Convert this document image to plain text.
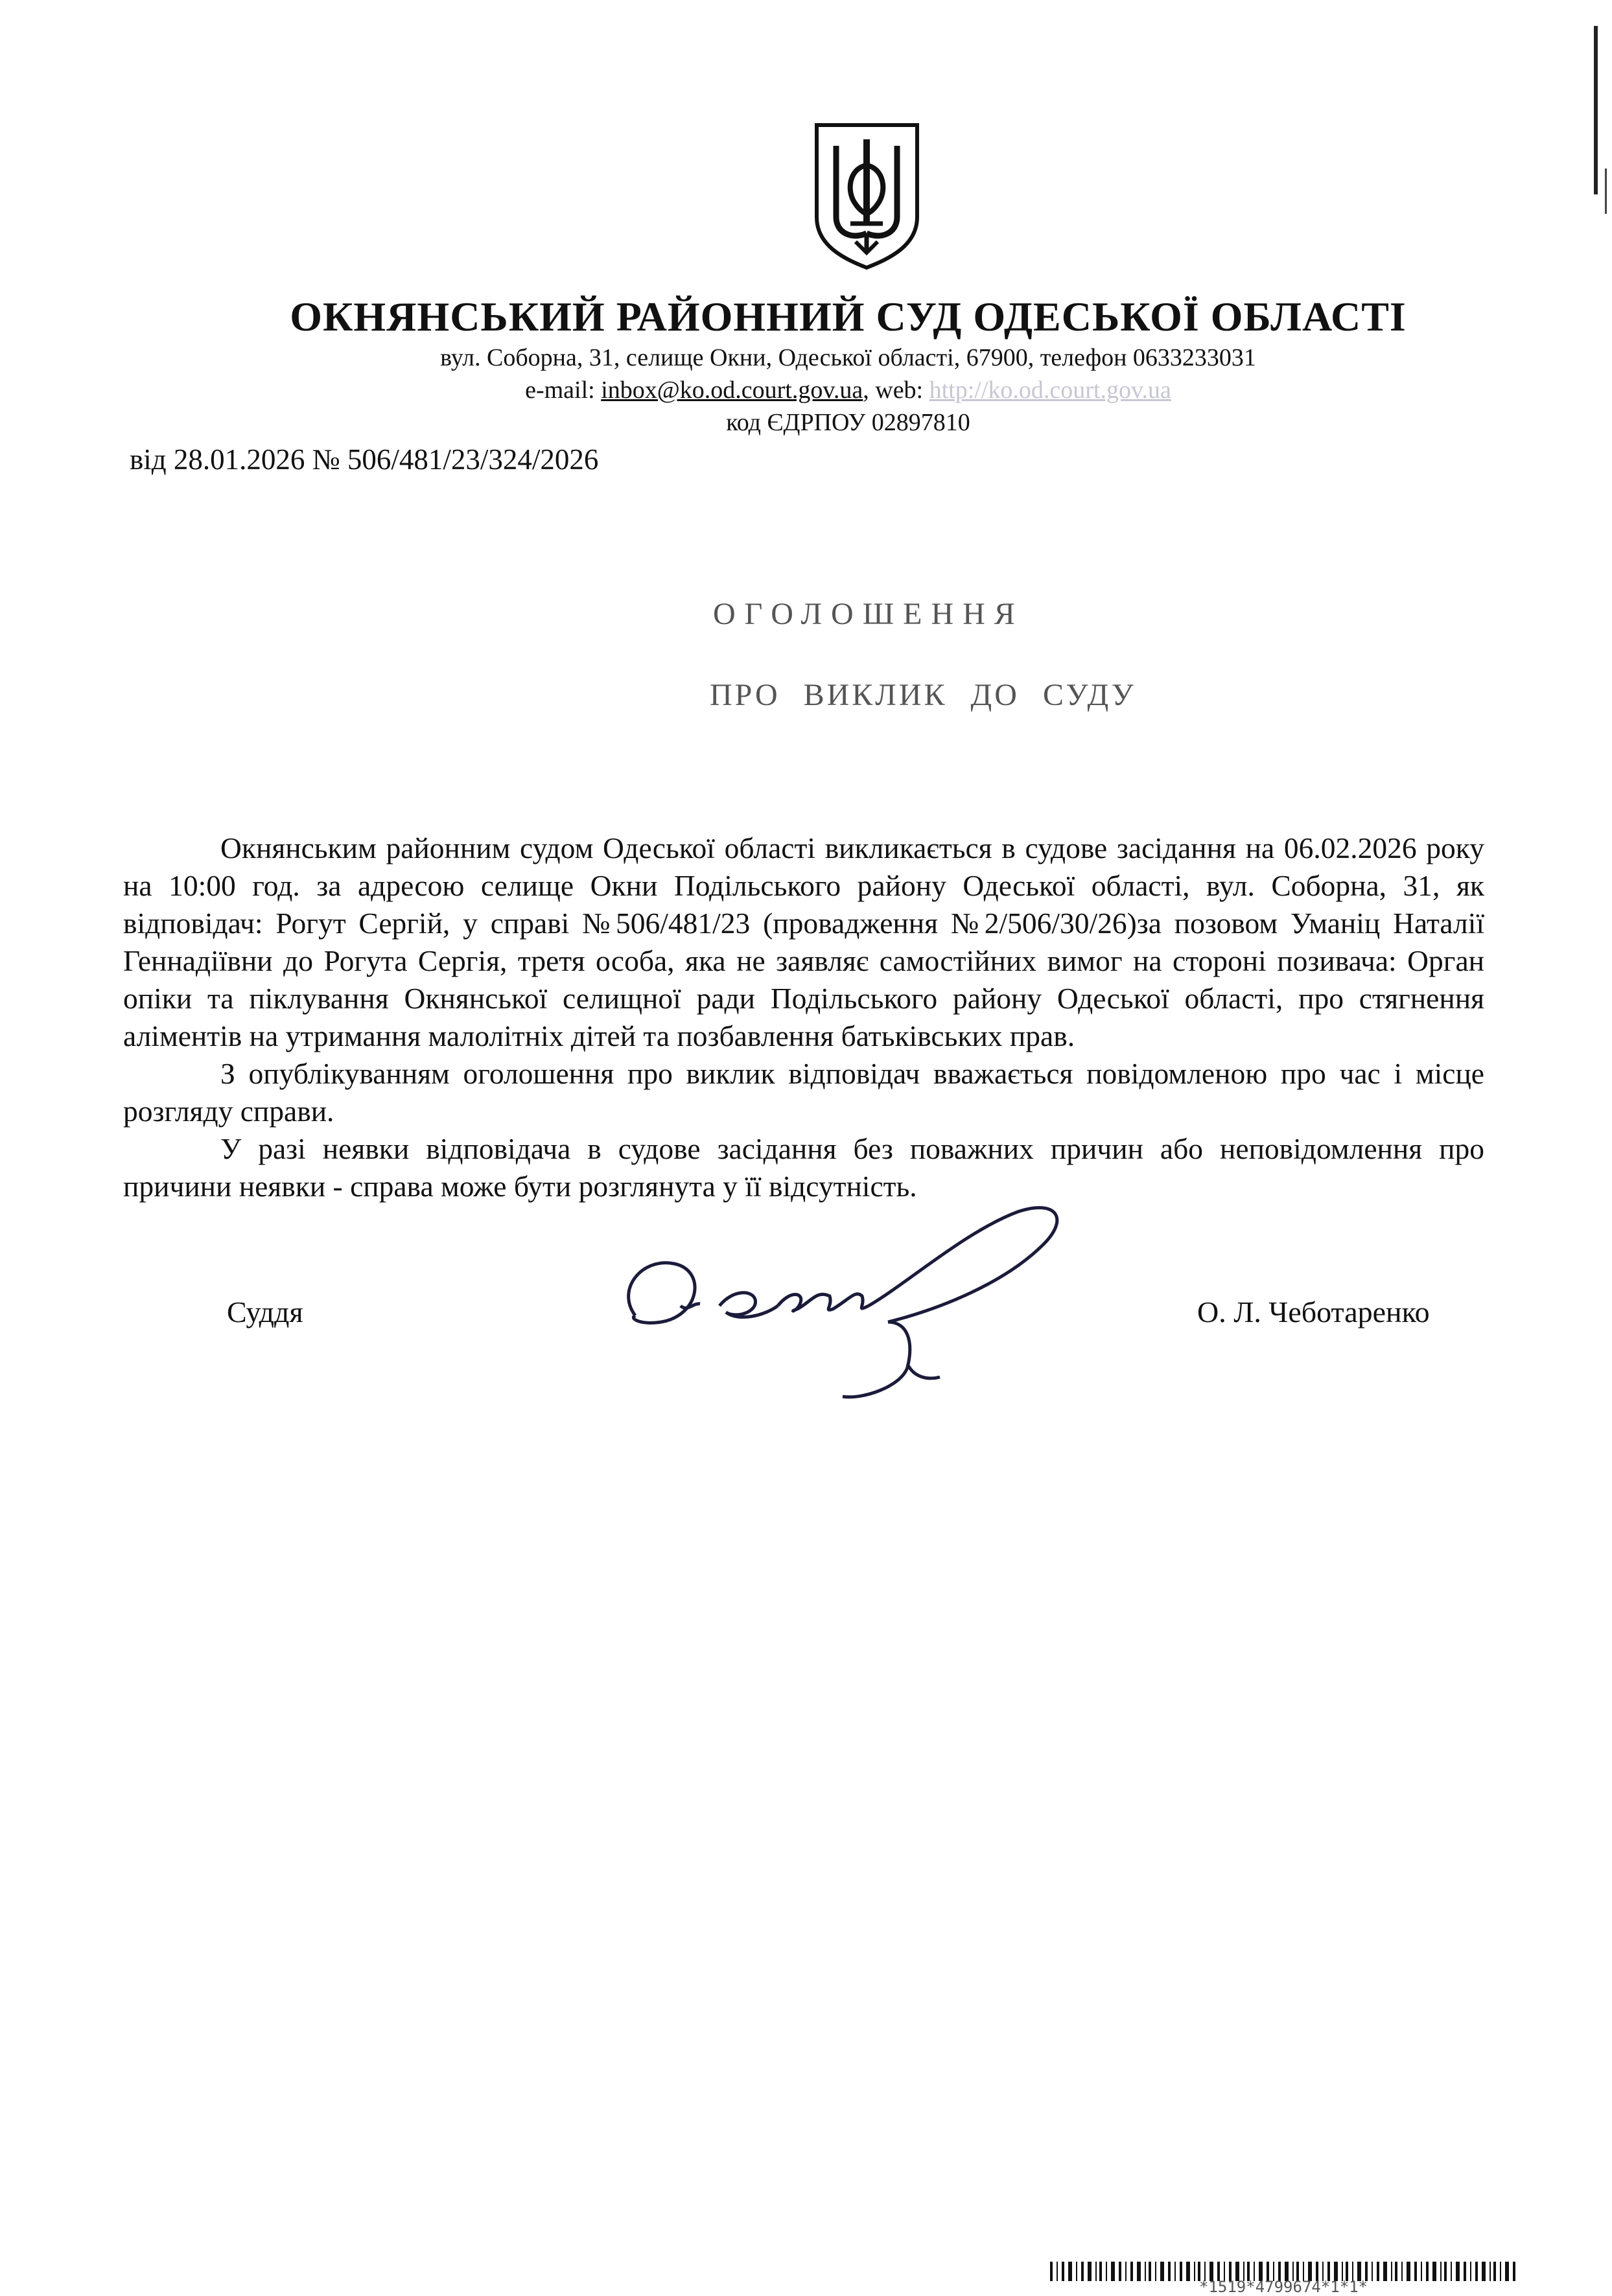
ОКНЯНСЬКИЙ РАЙОННИЙ СУД ОДЕСЬКОЇ ОБЛАСТІ
вул. Соборна, 31, селище Окни, Одеської області, 67900, телефон 0633233031
e-mail: inbox@ko.od.court.gov.ua, web: http://ko.od.court.gov.ua
код ЄДРПОУ 02897810
від 28.01.2026 № 506/481/23/324/2026
ОГОЛОШЕННЯ
ПРО ВИКЛИК ДО СУДУ

Окнянським районним судом Одеської області викликається в судове засідання на 06.02.2026 року на 10:00 год. за адресою селище Окни Подільського району Одеської області, вул. Соборна, 31, як відповідач: Рогут Сергій, у справі №506/481/23 (провадження №2/506/30/26)за позовом Уманіц Наталії Геннадіївни до Рогута Сергія, третя особа, яка не заявляє самостійних вимог на стороні позивача: Орган опіки та піклування Окнянської селищної ради Подільського району Одеської області, про стягнення аліментів на утримання малолітніх дітей та позбавлення батьківських прав.

З опублікуванням оголошення про виклик відповідач вважається повідомленою про час і місце розгляду справи.

У разі неявки відповідача в судове засідання без поважних причин або неповідомлення про причини неявки - справа може бути розглянута у її відсутність.

Суддя	О. Л. Чеботаренко
*1519*4799674*1*1*
